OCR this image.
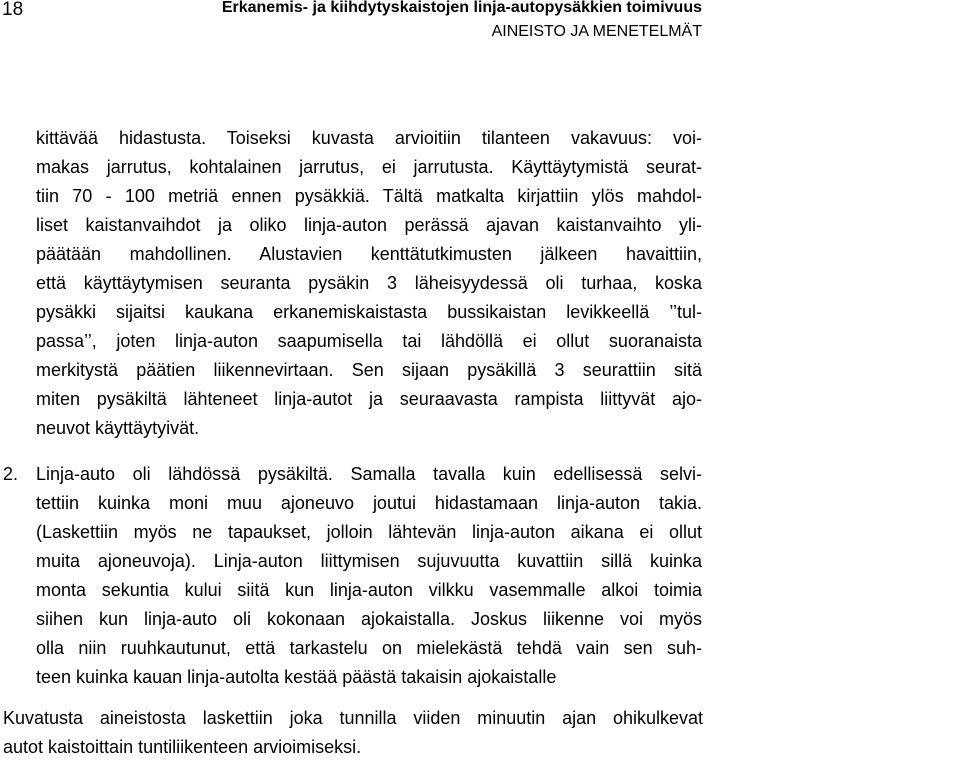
18	Erkanemis- ja kiihdytyskaistojen linja-autopysäkkien toimivuus
AINEISTO JA MENETELMÄT
kittävää hidastusta. Toiseksi kuvasta arvioitiin tilanteen vakavuus: voi-
makas jarrutus, kohtalainen jarrutus, ei jarrutusta. Käyttäytymistä seurat-
tiin 70 - 100 metriä ennen pysäkkiä. Tältä matkalta kirjattiin ylös mahdol-
liset kaistanvaihdot ja oliko linja-auton perässä ajavan kaistanvaihto yli-
päätään mahdollinen. Alustavien kenttätutkimusten jälkeen havaittiin,
että käyttäytymisen seuranta pysäkin 3 läheisyydessä oli turhaa, koska
pysäkki sijaitsi kaukana erkanemiskaistasta bussikaistan levikkeellä ’’tul-
passa’’, joten linja-auton saapumisella tai lähdöllä ei ollut suoranaista
merkitystä päätien liikennevirtaan. Sen sijaan pysäkillä 3 seurattiin sitä
miten pysäkiltä lähteneet linja-autot ja seuraavasta rampista liittyvät ajo-
neuvot käyttäytyivät.
2. Linja-auto oli lähdössä pysäkiltä. Samalla tavalla kuin edellisessä selvi-
tettiin kuinka moni muu ajoneuvo joutui hidastamaan linja-auton takia.
(Laskettiin myös ne tapaukset, jolloin lähtevän linja-auton aikana ei ollut
muita ajoneuvoja). Linja-auton liittymisen sujuvuutta kuvattiin sillä kuinka
monta sekuntia kului siitä kun linja-auton vilkku vasemmalle alkoi toimia
siihen kun linja-auto oli kokonaan ajokaistalla. Joskus liikenne voi myös
olla niin ruuhkautunut, että tarkastelu on mielekästä tehdä vain sen suh-
teen kuinka kauan linja-autolta kestää päästä takaisin ajokaistalle
Kuvatusta aineistosta laskettiin joka tunnilla viiden minuutin ajan ohikulkevat
autot kaistoittain tuntiliikenteen arvioimiseksi.
